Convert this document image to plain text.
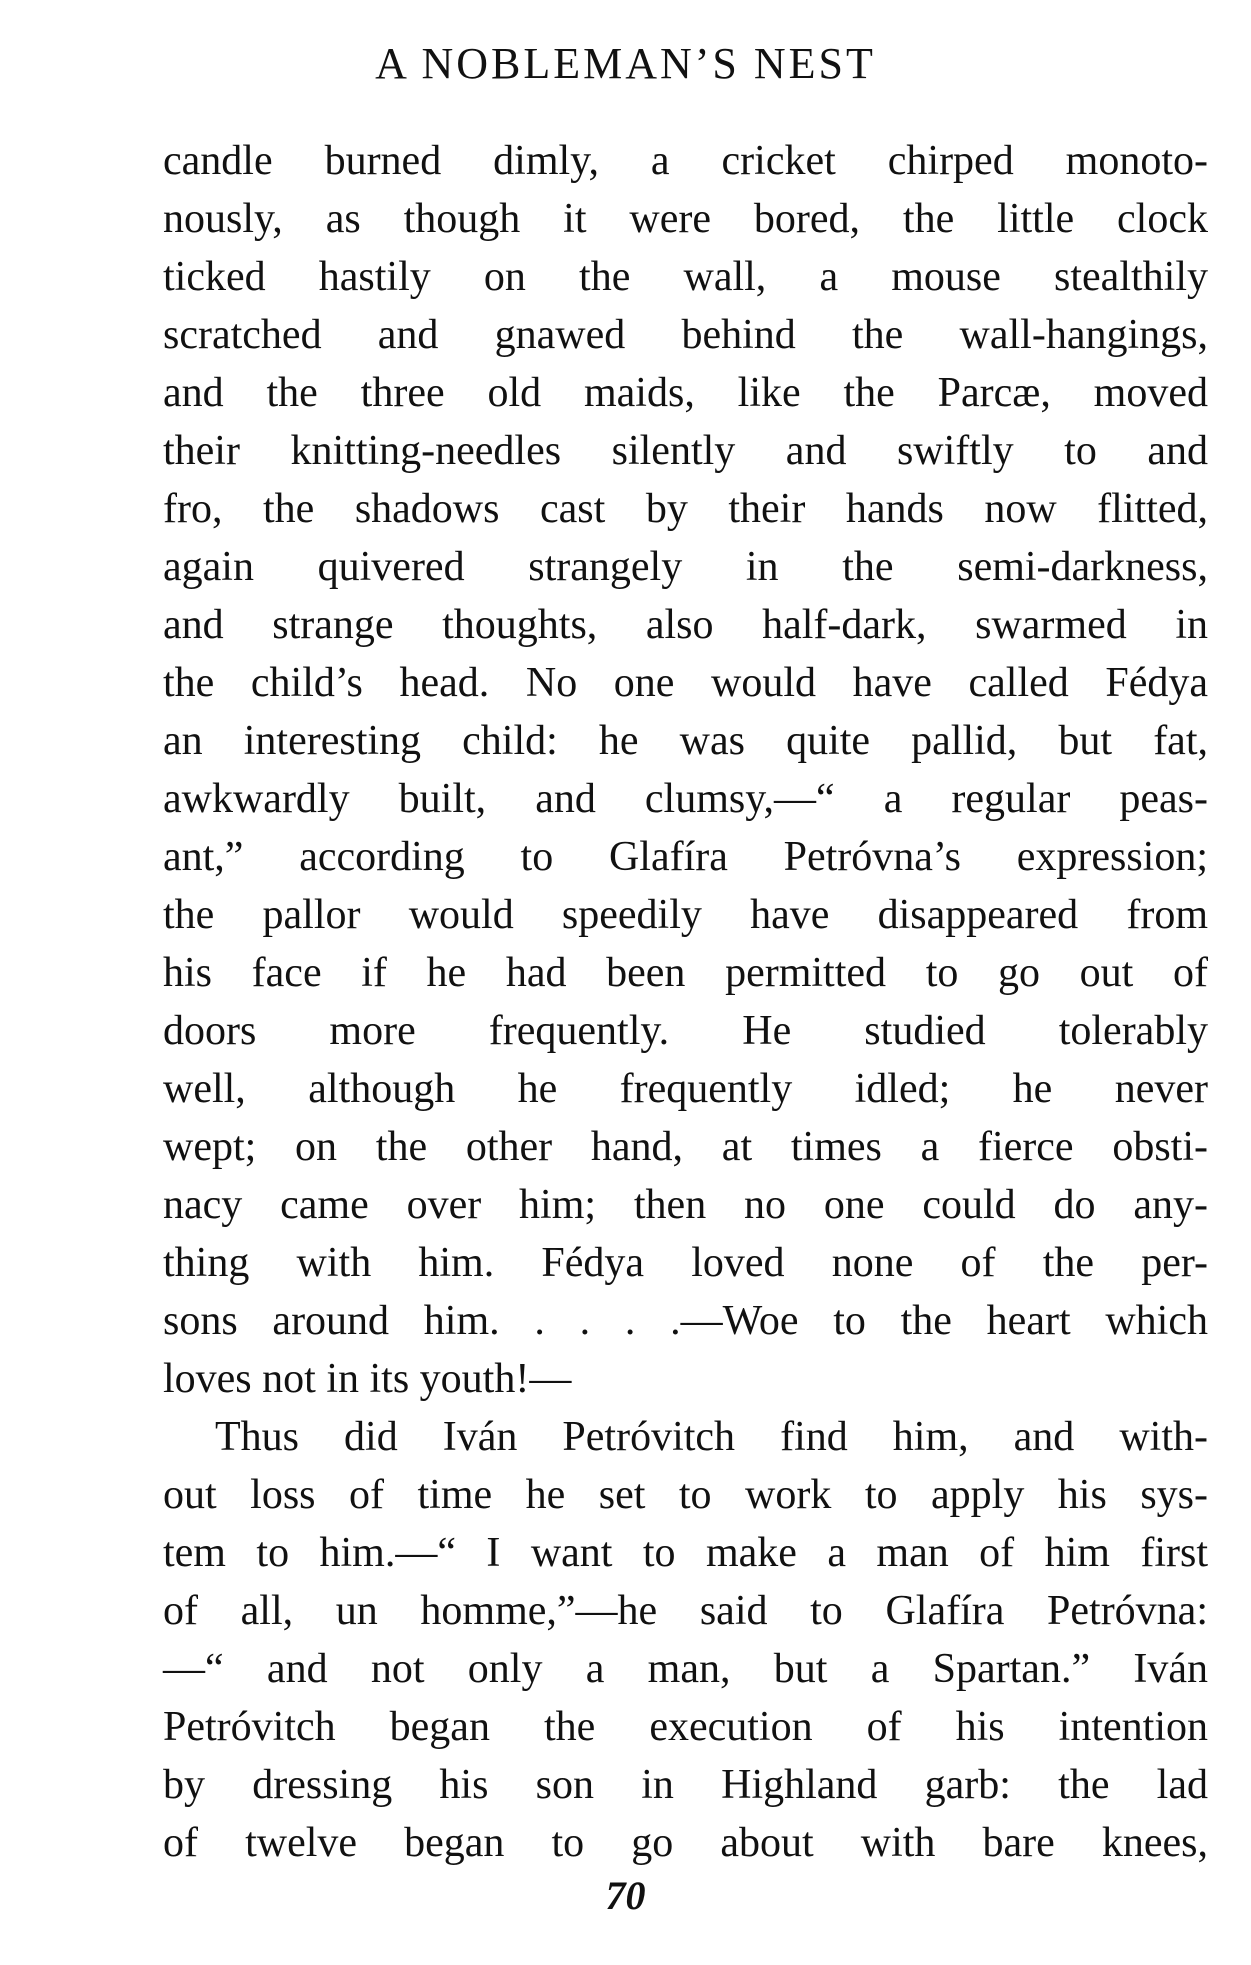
A NOBLEMAN’S NEST
candle burned dimly, a cricket chirped monoto-
nously, as though it were bored, the little clock
ticked hastily on the wall, a mouse stealthily
scratched and gnawed behind the wall-hangings,
and the three old maids, like the Parcæ, moved
their knitting-needles silently and swiftly to and
fro, the shadows cast by their hands now flitted,
again quivered strangely in the semi-darkness,
and strange thoughts, also half-dark, swarmed in
the child’s head. No one would have called Fédya
an interesting child: he was quite pallid, but fat,
awkwardly built, and clumsy,—“ a regular peas-
ant,” according to Glafíra Petróvna’s expression;
the pallor would speedily have disappeared from
his face if he had been permitted to go out of
doors more frequently. He studied tolerably
well, although he frequently idled; he never
wept; on the other hand, at times a fierce obsti-
nacy came over him; then no one could do any-
thing with him. Fédya loved none of the per-
sons around him. . . . .—Woe to the heart which
loves not in its youth!—
Thus did Iván Petróvitch find him, and with-
out loss of time he set to work to apply his sys-
tem to him.—“ I want to make a man of him first
of all, un homme,”—he said to Glafíra Petróvna:
—“ and not only a man, but a Spartan.” Iván
Petróvitch began the execution of his intention
by dressing his son in Highland garb: the lad
of twelve began to go about with bare knees,
70
